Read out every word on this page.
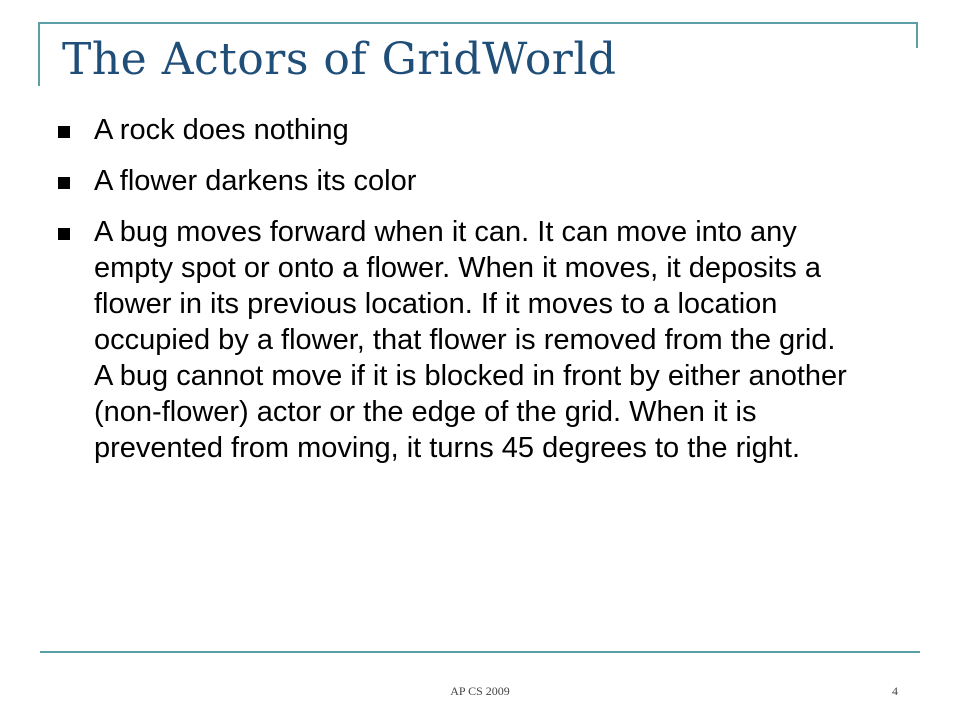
The Actors of GridWorld
A rock does nothing
A flower darkens its color
A bug moves forward when it can. It can move into any empty spot or onto a flower. When it moves, it deposits a flower in its previous location. If it moves to a location occupied by a flower, that flower is removed from the grid. A bug cannot move if it is blocked in front by either another (non-flower) actor or the edge of the grid. When it is prevented from moving, it turns 45 degrees to the right.
AP CS 2009	4
